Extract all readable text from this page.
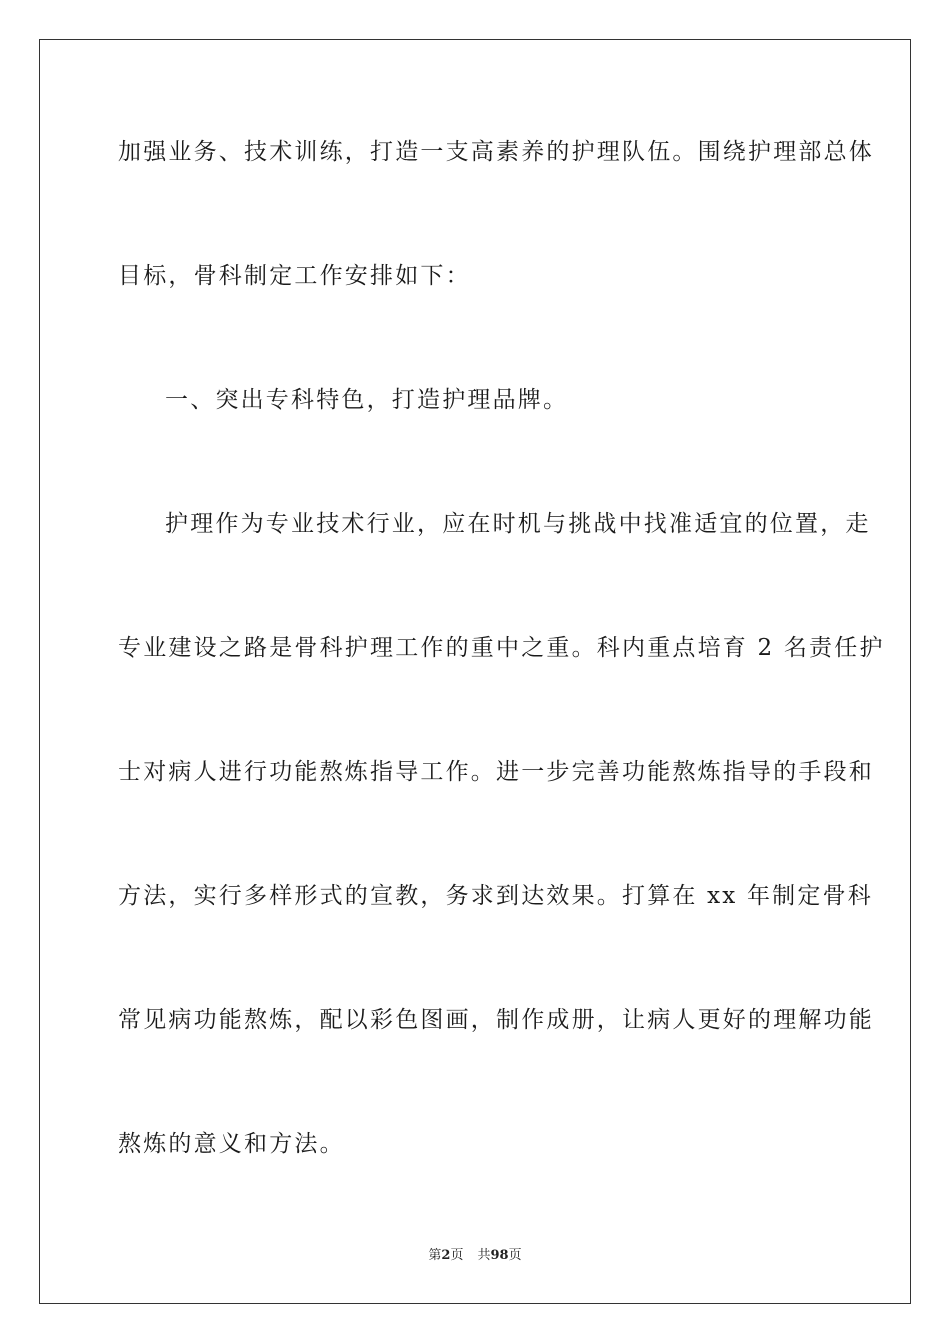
加强业务、技术训练，打造一支高素养的护理队伍。围绕护理部总体
目标，骨科制定工作安排如下：
一、突出专科特色，打造护理品牌。
护理作为专业技术行业，应在时机与挑战中找准适宜的位置，走
专业建设之路是骨科护理工作的重中之重。科内重点培育 2 名责任护
士对病人进行功能熬炼指导工作。进一步完善功能熬炼指导的手段和
方法，实行多样形式的宣教，务求到达效果。打算在 xx 年制定骨科
常见病功能熬炼，配以彩色图画，制作成册，让病人更好的理解功能
熬炼的意义和方法。
第2页 共98页
